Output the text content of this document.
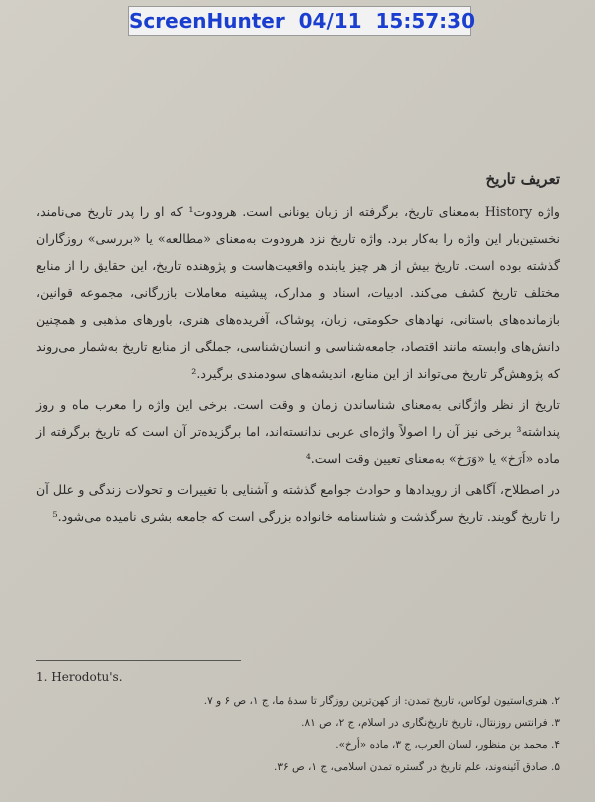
ScreenHunter  04/11  15:57:30
تعریف تاریخ

واژه History به‌معنای تاریخ، برگرفته از زبان یونانی است. هرودوت¹ که او را پدر تاریخ می‌نامند، نخستین‌بار این واژه را به‌کار برد. واژه تاریخ نزد هرودوت به‌معنای «مطالعه» یا «بررسی» روزگاران گذشته بوده است. تاریخ بیش از هر چیز یابنده واقعیت‌هاست و پژوهنده تاریخ، این حقایق را از منابع مختلف تاریخ کشف می‌کند. ادبیات، اسناد و مدارک، پیشینه معاملات بازرگانی، مجموعه قوانین، بازمانده‌های باستانی، نهادهای حکومتی، زبان، پوشاک، آفریده‌های هنری، باورهای مذهبی و همچنین دانش‌های وابسته مانند اقتصاد، جامعه‌شناسی و انسان‌شناسی، جملگی از منابع تاریخ به‌شمار می‌روند که پژوهش‌گر تاریخ می‌تواند از این منابع، اندیشه‌های سودمندی برگیرد.²

تاریخ از نظر واژگانی به‌معنای شناساندن زمان و وقت است. برخی این واژه را معرب ماه و روز پنداشته³ برخی نیز آن را اصولاً واژه‌ای عربی ندانسته‌اند، اما برگزیده‌تر آن است که تاریخ برگرفته از ماده «اَرَخ» یا «وَرَخ» به‌معنای تعیین وقت است.⁴

در اصطلاح، آگاهی از رویدادها و حوادث جوامع گذشته و آشنایی با تغییرات و تحولات زندگی و علل آن را تاریخ گویند. تاریخ سرگذشت و شناسنامه خانواده بزرگی است که جامعه بشری نامیده می‌شود.⁵

1. Herodotu's.

۲. هنری‌استیون لوکاس، تاریخ تمدن: از کهن‌ترین روزگار تا سدهٔ ما، ج ۱، ص ۶ و ۷.

۳. فرانتس روزنتال، تاریخ تاریخ‌نگاری در اسلام، ج ۲، ص ۸۱.

۴. محمد بن منظور، لسان العرب، ج ۳، ماده «أرخ».

۵. صادق آئینه‌وند، علم تاریخ در گستره تمدن اسلامی، ج ۱، ص ۳۶.
